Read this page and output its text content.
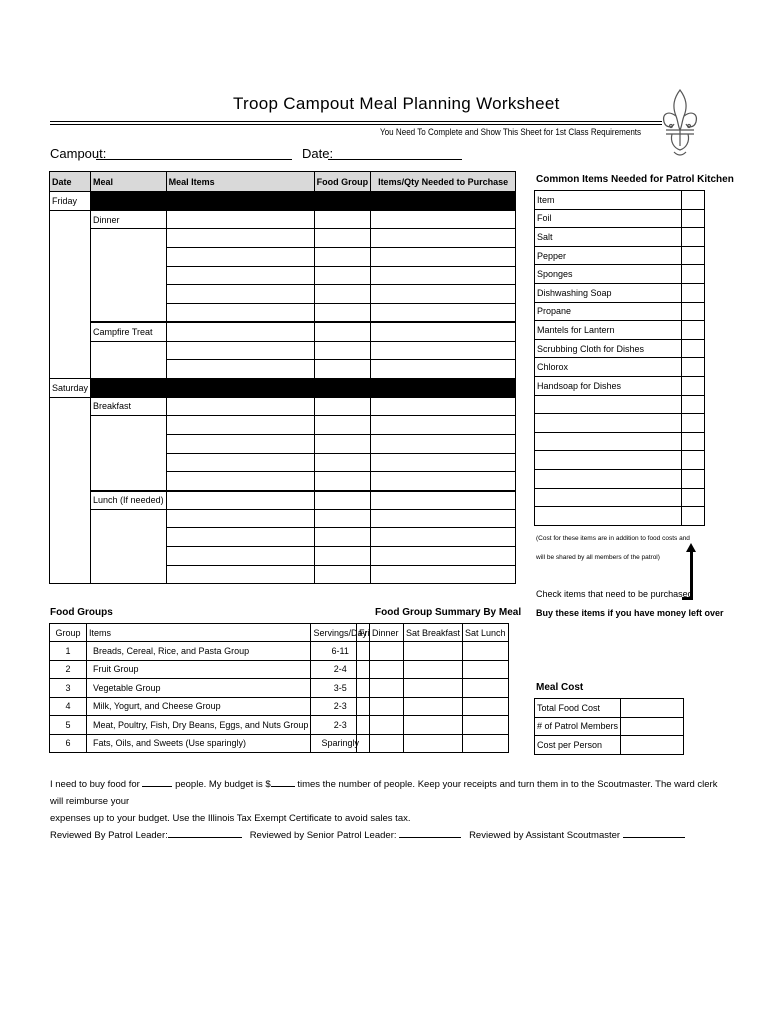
Troop Campout Meal Planning Worksheet
You Need To Complete and Show This Sheet for 1st Class Requirements
Campout:	Date:
Date	Meal	Meal Items	Food Group	Items/Qty Needed to Purchase
Friday				
	Dinner			

	Campfire Treat			

Saturday				
	Breakfast			

	Lunch (If needed)			

Common Items Needed for Patrol Kitchen
Item	
Foil	
Salt	
Pepper	
Sponges	
Dishwashing Soap	
Propane	
Mantels for Lantern	
Scrubbing Cloth for Dishes	
Chlorox	
Handsoap for Dishes	

(Cost for these items are in addition to food costs and
will be shared by all members of the patrol)
Check items that need to be purchased
Buy these items if you have money left over
Food Groups	Food Group Summary By Meal
Group	Items	Servings/Day
1	Breads, Cereal, Rice, and Pasta Group	6-11
2	Fruit Group	2-4
3	Vegetable Group	3-5
4	Milk, Yogurt, and Cheese Group	2-3
5	Meat, Poultry, Fish, Dry Beans, Eggs, and Nuts Group	2-3
6	Fats, Oils, and Sweets (Use sparingly)	Sparingly
Fri Dinner	Sat Breakfast	Sat Lunch

Meal Cost
Total Food Cost	
# of Patrol Members	
Cost per Person	
I need to buy food for	people. My budget is $	times the number of people. Keep your receipts and turn them in to the Scoutmaster. The ward clerk will reimburse your
expenses up to your budget. Use the Illinois Tax Exempt Certificate to avoid sales tax.
Reviewed By Patrol Leader:	Reviewed by Senior Patrol Leader:	Reviewed by Assistant Scoutmaster
